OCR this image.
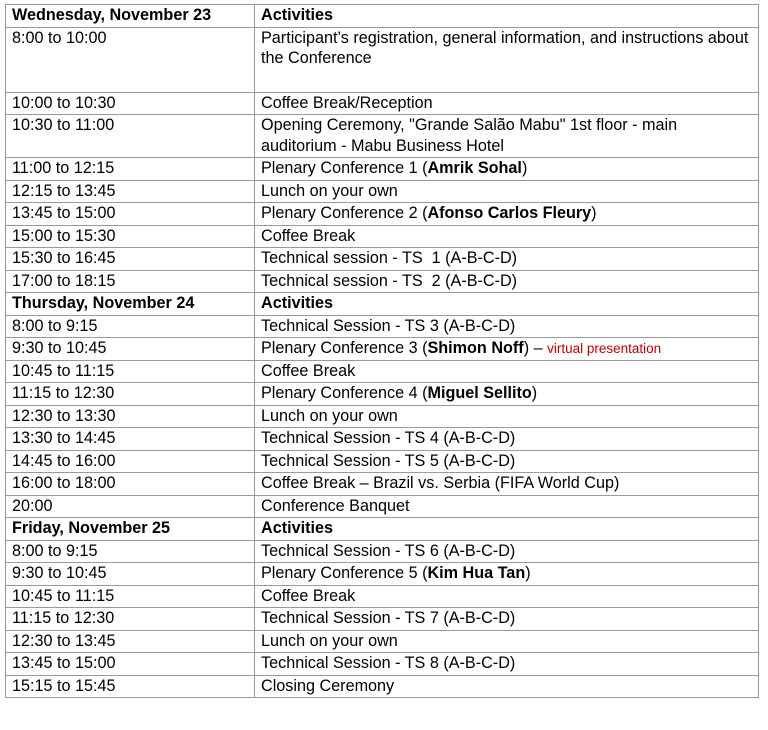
Wednesday, November 23	Activities
8:00 to 10:00	Participant’s registration, general information, and instructions about the Conference
10:00 to 10:30	Coffee Break/Reception
10:30 to 11:00	Opening Ceremony, "Grande Salão Mabu" 1st floor - main auditorium - Mabu Business Hotel
11:00 to 12:15	Plenary Conference 1 (Amrik Sohal)
12:15 to 13:45	Lunch on your own
13:45 to 15:00	Plenary Conference 2 (Afonso Carlos Fleury)
15:00 to 15:30	Coffee Break
15:30 to 16:45	Technical session - TS  1 (A-B-C-D)
17:00 to 18:15	Technical session - TS  2 (A-B-C-D)
Thursday, November 24	Activities
8:00 to 9:15	Technical Session - TS 3 (A-B-C-D)
9:30 to 10:45	Plenary Conference 3 (Shimon Noff) – virtual presentation
10:45 to 11:15	Coffee Break
11:15 to 12:30	Plenary Conference 4 (Miguel Sellito)
12:30 to 13:30	Lunch on your own
13:30 to 14:45	Technical Session - TS 4 (A-B-C-D)
14:45 to 16:00	Technical Session - TS 5 (A-B-C-D)
16:00 to 18:00	Coffee Break – Brazil vs. Serbia (FIFA World Cup)
20:00	Conference Banquet
Friday, November 25	Activities
8:00 to 9:15	Technical Session - TS 6 (A-B-C-D)
9:30 to 10:45	Plenary Conference 5 (Kim Hua Tan)
10:45 to 11:15	Coffee Break
11:15 to 12:30	Technical Session - TS 7 (A-B-C-D)
12:30 to 13:45	Lunch on your own
13:45 to 15:00	Technical Session - TS 8 (A-B-C-D)
15:15 to 15:45	Closing Ceremony
